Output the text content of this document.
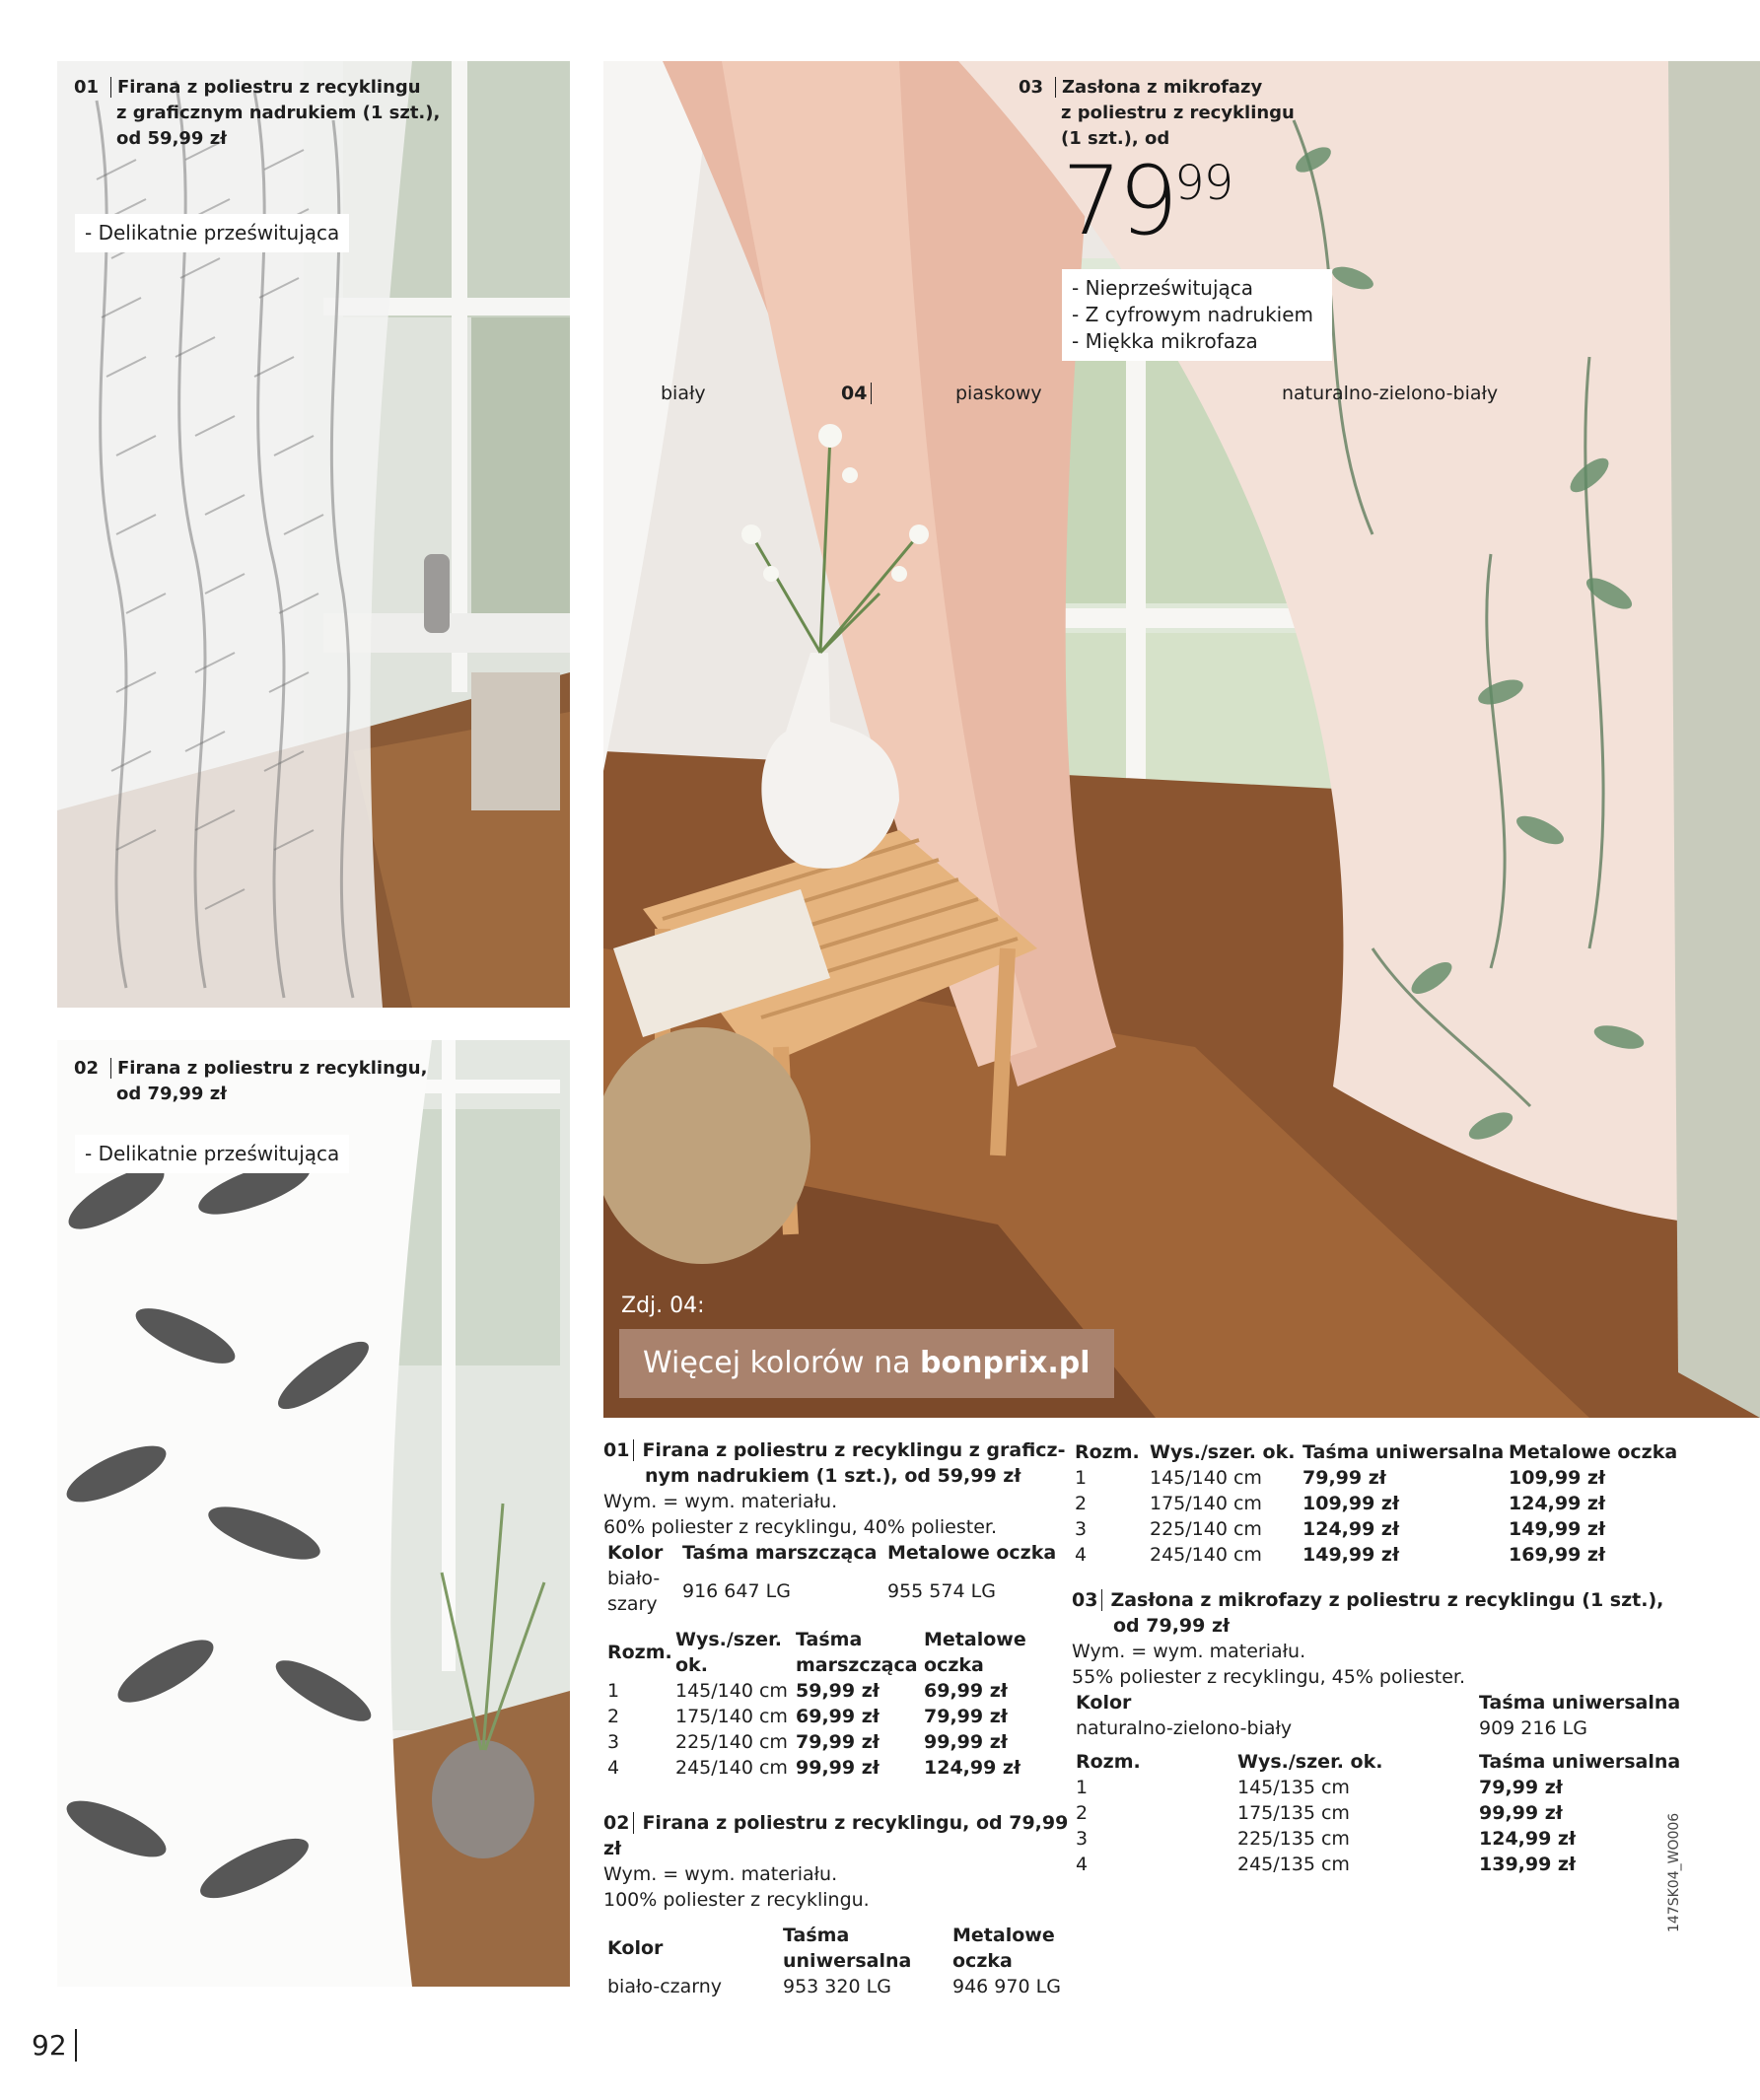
01 Firana z poliestru z recyklingu
z graficznym nadrukiem (1 szt.),
od 59,99 zł
- Delikatnie prześwitująca
02 Firana z poliestru z recyklingu,
od 79,99 zł
- Delikatnie prześwitująca
03 Zasłona z mikrofazy
z poliestru z recyklingu
(1 szt.), od
7999
- Nieprześwitująca
- Z cyfrowym nadrukiem
- Miękka mikrofaza
biały	04	piaskowy	naturalno-zielono-biały
Zdj. 04:
Więcej kolorów na bonprix.pl
01 Firana z poliestru z recyklingu z graficz-
nym nadrukiem (1 szt.), od 59,99 zł
Wym. = wym. materiału.
60% poliester z recyklingu, 40% poliester.
Kolor	Taśma marszcząca	Metalowe oczka

biało-
szary	916 647 LG	955 574 LG
Rozm.	Wys./szer. ok.	Taśma marszcząca	Metalowe oczka
1	145/140 cm	59,99 zł	69,99 zł
2	175/140 cm	69,99 zł	79,99 zł
3	225/140 cm	79,99 zł	99,99 zł
4	245/140 cm	99,99 zł	124,99 zł
02 Firana z poliestru z recyklingu, od 79,99 zł
Wym. = wym. materiału.
100% poliester z recyklingu.
Kolor	Taśma uniwersalna	Metalowe oczka

biało-czarny	953 320 LG	946 970 LG
Rozm.	Wys./szer. ok.	Taśma uniwersalna	Metalowe oczka
1	145/140 cm	79,99 zł	109,99 zł
2	175/140 cm	109,99 zł	124,99 zł
3	225/140 cm	124,99 zł	149,99 zł
4	245/140 cm	149,99 zł	169,99 zł
03 Zasłona z mikrofazy z poliestru z recyklingu (1 szt.),
od 79,99 zł
Wym. = wym. materiału.
55% poliester z recyklingu, 45% poliester.
Kolor	Taśma uniwersalna
naturalno-zielono-biały	909 216 LG
Rozm.	Wys./szer. ok.	Taśma uniwersalna
1	145/135 cm	79,99 zł
2	175/135 cm	99,99 zł
3	225/135 cm	124,99 zł
4	245/135 cm	139,99 zł
92
147SK04_WO006
